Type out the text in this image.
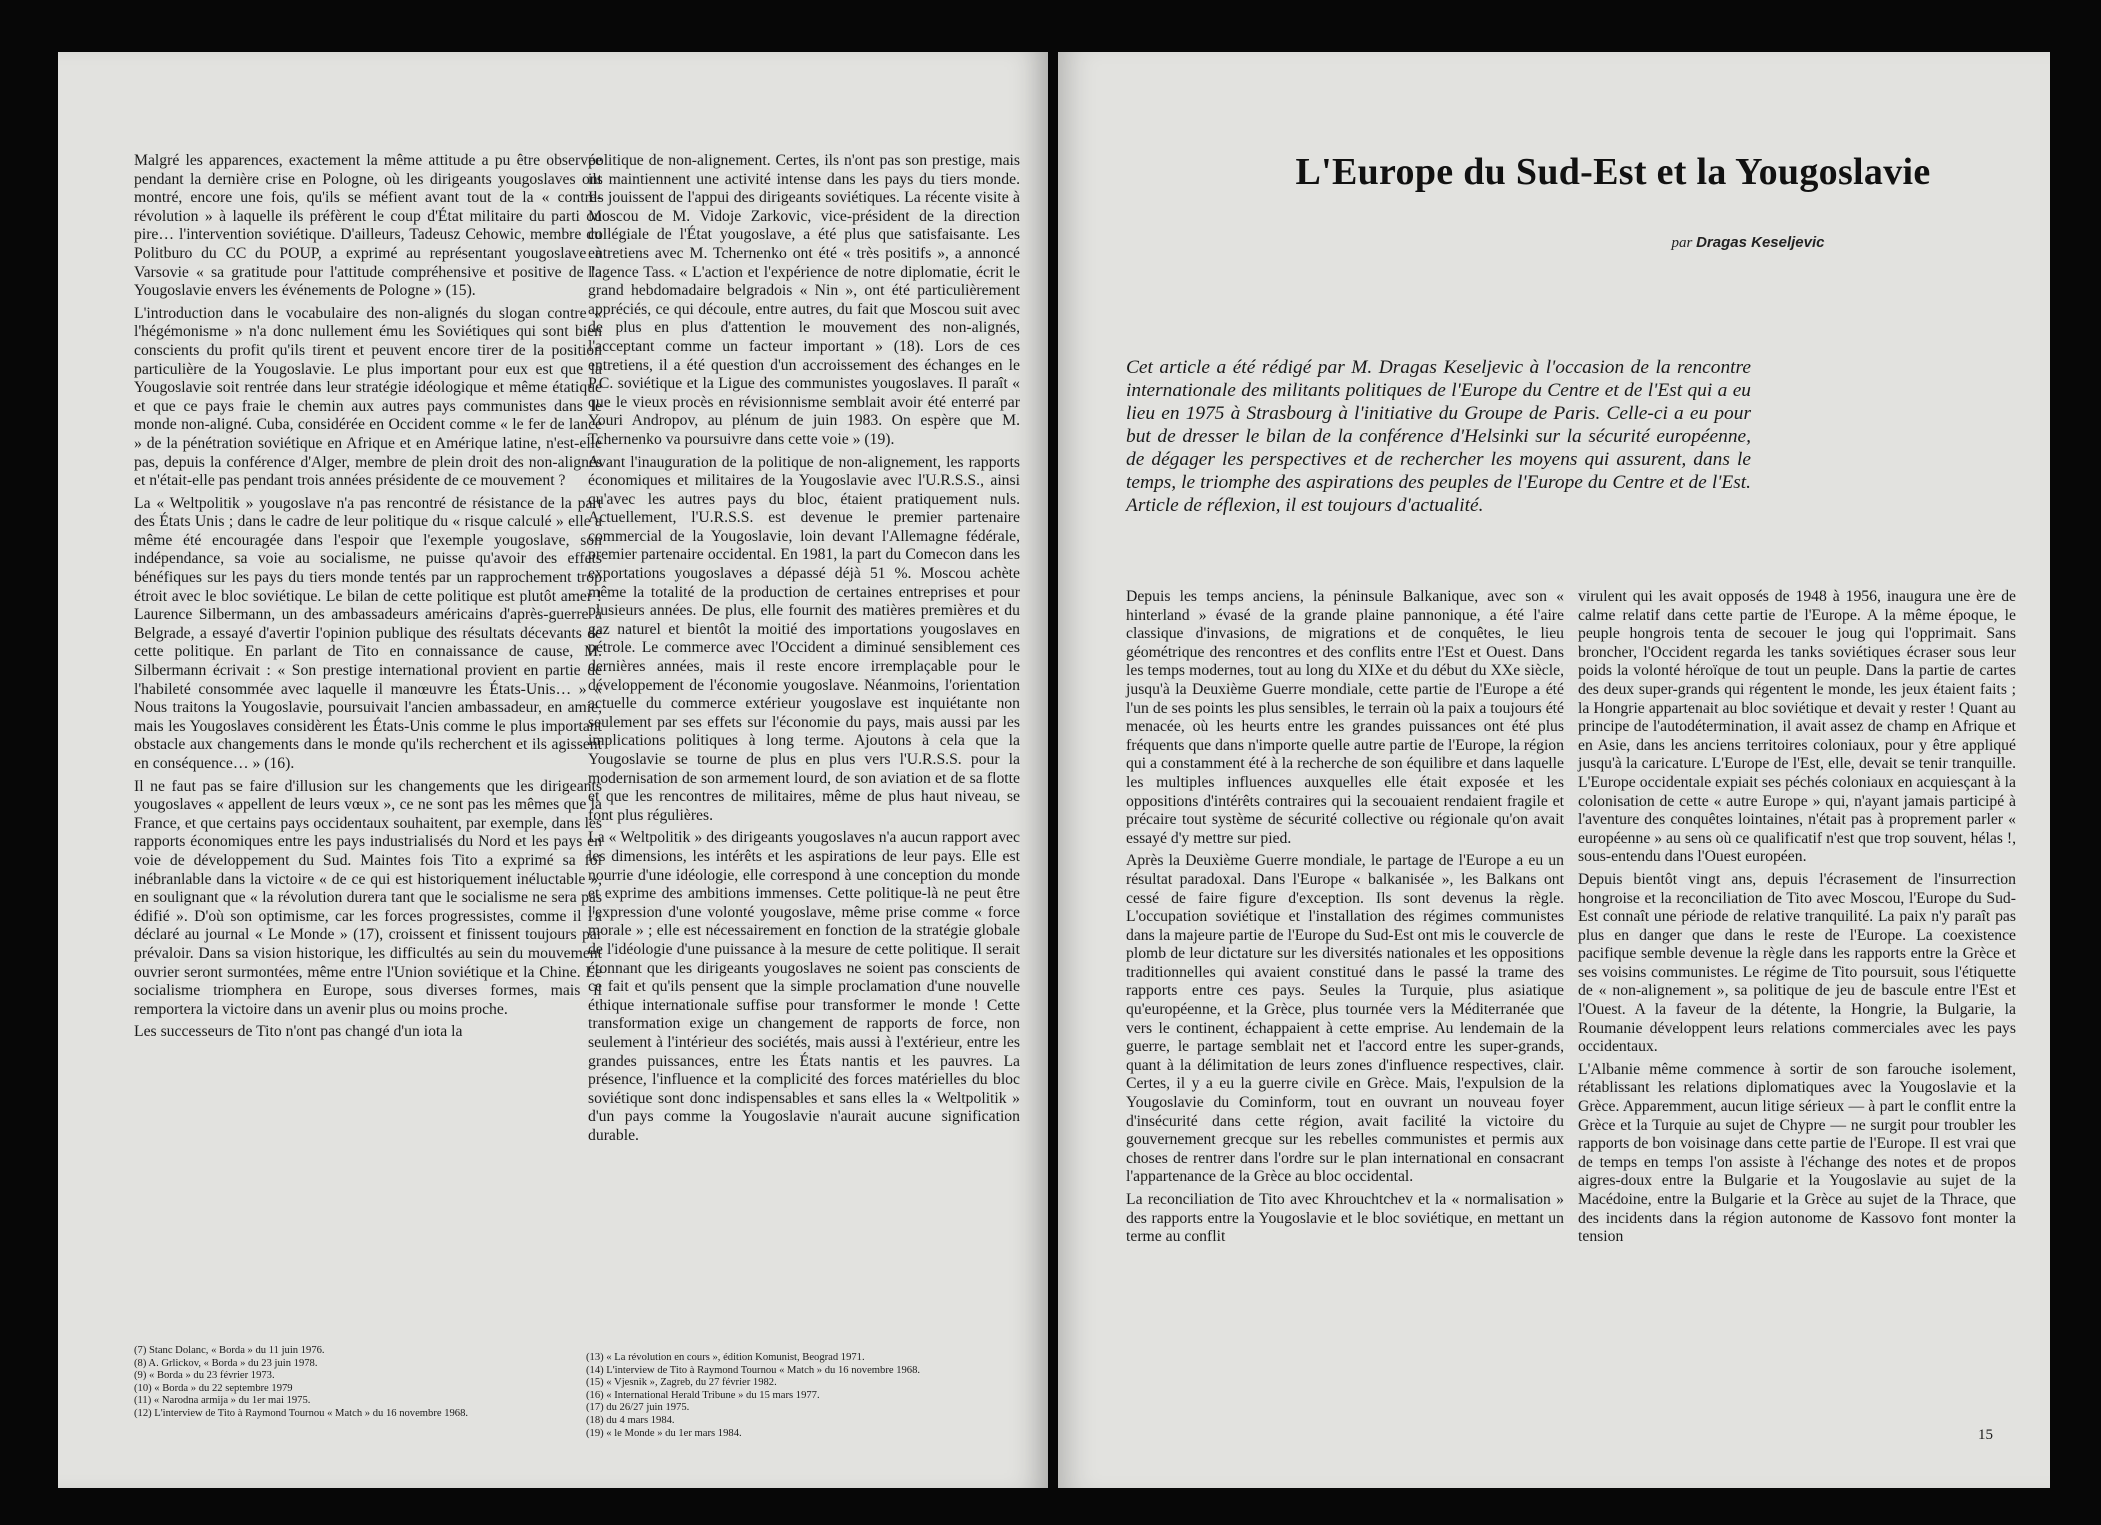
Malgré les apparences, exactement la même attitude a pu être observée pendant la dernière crise en Pologne, où les dirigeants yougoslaves ont montré, encore une fois, qu'ils se méfient avant tout de la « contre-révolution » à laquelle ils préfèrent le coup d'État militaire du parti ou pire… l'intervention soviétique. D'ailleurs, Tadeusz Cehowic, membre du Politburo du CC du POUP, a exprimé au représentant yougoslave à Varsovie « sa gratitude pour l'attitude compréhensive et positive de la Yougoslavie envers les événements de Pologne » (15).

L'introduction dans le vocabulaire des non-alignés du slogan contre « l'hégémonisme » n'a donc nullement ému les Soviétiques qui sont bien conscients du profit qu'ils tirent et peuvent encore tirer de la position particulière de la Yougoslavie. Le plus important pour eux est que la Yougoslavie soit rentrée dans leur stratégie idéologique et même étatique et que ce pays fraie le chemin aux autres pays communistes dans le monde non-aligné. Cuba, considérée en Occident comme « le fer de lance » de la pénétration soviétique en Afrique et en Amérique latine, n'est-elle pas, depuis la conférence d'Alger, membre de plein droit des non-alignés et n'était-elle pas pendant trois années présidente de ce mouvement ?

La « Weltpolitik » yougoslave n'a pas rencontré de résistance de la part des États Unis ; dans le cadre de leur politique du « risque calculé » elle a même été encouragée dans l'espoir que l'exemple yougoslave, son indépendance, sa voie au socialisme, ne puisse qu'avoir des effets bénéfiques sur les pays du tiers monde tentés par un rapprochement trop étroit avec le bloc soviétique. Le bilan de cette politique est plutôt amer ! Laurence Silbermann, un des ambassadeurs américains d'après-guerre à Belgrade, a essayé d'avertir l'opinion publique des résultats décevants de cette politique. En parlant de Tito en connaissance de cause, M. Silbermann écrivait : « Son prestige international provient en partie de l'habileté consommée avec laquelle il manœuvre les États-Unis… » « Nous traitons la Yougoslavie, poursuivait l'ancien ambassadeur, en amie, mais les Yougoslaves considèrent les États-Unis comme le plus important obstacle aux changements dans le monde qu'ils recherchent et ils agissent en conséquence… » (16).

Il ne faut pas se faire d'illusion sur les changements que les dirigeants yougoslaves « appellent de leurs vœux », ce ne sont pas les mêmes que la France, et que certains pays occidentaux souhaitent, par exemple, dans les rapports économiques entre les pays industrialisés du Nord et les pays en voie de développement du Sud. Maintes fois Tito a exprimé sa foi inébranlable dans la victoire « de ce qui est historiquement inéluctable », en soulignant que « la révolution durera tant que le socialisme ne sera pas édifié ». D'où son optimisme, car les forces progressistes, comme il l'a déclaré au journal « Le Monde » (17), croissent et finissent toujours par prévaloir. Dans sa vision historique, les difficultés au sein du mouvement ouvrier seront surmontées, même entre l'Union soviétique et la Chine. Le socialisme triomphera en Europe, sous diverses formes, mais il remportera la victoire dans un avenir plus ou moins proche.

Les successeurs de Tito n'ont pas changé d'un iota la

politique de non-alignement. Certes, ils n'ont pas son prestige, mais ils maintiennent une activité intense dans les pays du tiers monde. Ils jouissent de l'appui des dirigeants soviétiques. La récente visite à Moscou de M. Vidoje Zarkovic, vice-président de la direction collégiale de l'État yougoslave, a été plus que satisfaisante. Les entretiens avec M. Tchernenko ont été « très positifs », a annoncé l'agence Tass. « L'action et l'expérience de notre diplomatie, écrit le grand hebdomadaire belgradois « Nin », ont été particulièrement appréciés, ce qui découle, entre autres, du fait que Moscou suit avec de plus en plus d'attention le mouvement des non-alignés, l'acceptant comme un facteur important » (18). Lors de ces entretiens, il a été question d'un accroissement des échanges en le P.C. soviétique et la Ligue des communistes yougoslaves. Il paraît « que le vieux procès en révisionnisme semblait avoir été enterré par Youri Andropov, au plénum de juin 1983. On espère que M. Tchernenko va poursuivre dans cette voie » (19).

Avant l'inauguration de la politique de non-alignement, les rapports économiques et militaires de la Yougoslavie avec l'U.R.S.S., ainsi qu'avec les autres pays du bloc, étaient pratiquement nuls. Actuellement, l'U.R.S.S. est devenue le premier partenaire commercial de la Yougoslavie, loin devant l'Allemagne fédérale, premier partenaire occidental. En 1981, la part du Comecon dans les exportations yougoslaves a dépassé déjà 51 %. Moscou achète même la totalité de la production de certaines entreprises et pour plusieurs années. De plus, elle fournit des matières premières et du gaz naturel et bientôt la moitié des importations yougoslaves en pétrole. Le commerce avec l'Occident a diminué sensiblement ces dernières années, mais il reste encore irremplaçable pour le développement de l'économie yougoslave. Néanmoins, l'orientation actuelle du commerce extérieur yougoslave est inquiétante non seulement par ses effets sur l'économie du pays, mais aussi par les implications politiques à long terme. Ajoutons à cela que la Yougoslavie se tourne de plus en plus vers l'U.R.S.S. pour la modernisation de son armement lourd, de son aviation et de sa flotte et que les rencontres de militaires, même de plus haut niveau, se font plus régulières.

La « Weltpolitik » des dirigeants yougoslaves n'a aucun rapport avec les dimensions, les intérêts et les aspirations de leur pays. Elle est nourrie d'une idéologie, elle correspond à une conception du monde et exprime des ambitions immenses. Cette politique-là ne peut être l'expression d'une volonté yougoslave, même prise comme « force morale » ; elle est nécessairement en fonction de la stratégie globale de l'idéologie d'une puissance à la mesure de cette politique. Il serait étonnant que les dirigeants yougoslaves ne soient pas conscients de ce fait et qu'ils pensent que la simple proclamation d'une nouvelle éthique internationale suffise pour transformer le monde ! Cette transformation exige un changement de rapports de force, non seulement à l'intérieur des sociétés, mais aussi à l'extérieur, entre les grandes puissances, entre les États nantis et les pauvres. La présence, l'influence et la complicité des forces matérielles du bloc soviétique sont donc indispensables et sans elles la « Weltpolitik » d'un pays comme la Yougoslavie n'aurait aucune signification durable.

(7) Stanc Dolanc, « Borda » du 11 juin 1976.
(8) A. Grlickov, « Borda » du 23 juin 1978.
(9) « Borda » du 23 février 1973.
(10) « Borda » du 22 septembre 1979
(11) « Narodna armija » du 1er mai 1975.
(12) L'interview de Tito à Raymond Tournou « Match » du 16 novembre 1968.
(13) « La révolution en cours », édition Komunist, Beograd 1971.
(14) L'interview de Tito à Raymond Tournou « Match » du 16 novembre 1968.
(15) « Vjesnik », Zagreb, du 27 février 1982.
(16) « International Herald Tribune » du 15 mars 1977.
(17) du 26/27 juin 1975.
(18) du 4 mars 1984.
(19) « le Monde » du 1er mars 1984.
L'Europe du Sud-Est et la Yougoslavie
par Dragas Keseljevic
Cet article a été rédigé par M. Dragas Keseljevic à l'occasion de la rencontre internationale des militants politiques de l'Europe du Centre et de l'Est qui a eu lieu en 1975 à Strasbourg à l'initiative du Groupe de Paris. Celle-ci a eu pour but de dresser le bilan de la conférence d'Helsinki sur la sécurité européenne, de dégager les perspectives et de rechercher les moyens qui assurent, dans le temps, le triomphe des aspirations des peuples de l'Europe du Centre et de l'Est. Article de réflexion, il est toujours d'actualité.

Depuis les temps anciens, la péninsule Balkanique, avec son « hinterland » évasé de la grande plaine pannonique, a été l'aire classique d'invasions, de migrations et de conquêtes, le lieu géométrique des rencontres et des conflits entre l'Est et Ouest. Dans les temps modernes, tout au long du XIXe et du début du XXe siècle, jusqu'à la Deuxième Guerre mondiale, cette partie de l'Europe a été l'un de ses points les plus sensibles, le terrain où la paix a toujours été menacée, où les heurts entre les grandes puissances ont été plus fréquents que dans n'importe quelle autre partie de l'Europe, la région qui a constamment été à la recherche de son équilibre et dans laquelle les multiples influences auxquelles elle était exposée et les oppositions d'intérêts contraires qui la secouaient rendaient fragile et précaire tout système de sécurité collective ou régionale qu'on avait essayé d'y mettre sur pied.

Après la Deuxième Guerre mondiale, le partage de l'Europe a eu un résultat paradoxal. Dans l'Europe « balkanisée », les Balkans ont cessé de faire figure d'exception. Ils sont devenus la règle. L'occupation soviétique et l'installation des régimes communistes dans la majeure partie de l'Europe du Sud-Est ont mis le couvercle de plomb de leur dictature sur les diversités nationales et les oppositions traditionnelles qui avaient constitué dans le passé la trame des rapports entre ces pays. Seules la Turquie, plus asiatique qu'européenne, et la Grèce, plus tournée vers la Méditerranée que vers le continent, échappaient à cette emprise. Au lendemain de la guerre, le partage semblait net et l'accord entre les super-grands, quant à la délimitation de leurs zones d'influence respectives, clair. Certes, il y a eu la guerre civile en Grèce. Mais, l'expulsion de la Yougoslavie du Cominform, tout en ouvrant un nouveau foyer d'insécurité dans cette région, avait facilité la victoire du gouvernement grecque sur les rebelles communistes et permis aux choses de rentrer dans l'ordre sur le plan international en consacrant l'appartenance de la Grèce au bloc occidental.

La reconciliation de Tito avec Khrouchtchev et la « normalisation » des rapports entre la Yougoslavie et le bloc soviétique, en mettant un terme au conflit

virulent qui les avait opposés de 1948 à 1956, inaugura une ère de calme relatif dans cette partie de l'Europe. A la même époque, le peuple hongrois tenta de secouer le joug qui l'opprimait. Sans broncher, l'Occident regarda les tanks soviétiques écraser sous leur poids la volonté héroïque de tout un peuple. Dans la partie de cartes des deux super-grands qui régentent le monde, les jeux étaient faits ; la Hongrie appartenait au bloc soviétique et devait y rester ! Quant au principe de l'autodétermination, il avait assez de champ en Afrique et en Asie, dans les anciens territoires coloniaux, pour y être appliqué jusqu'à la caricature. L'Europe de l'Est, elle, devait se tenir tranquille. L'Europe occidentale expiait ses péchés coloniaux en acquiesçant à la colonisation de cette « autre Europe » qui, n'ayant jamais participé à l'aventure des conquêtes lointaines, n'était pas à proprement parler « européenne » au sens où ce qualificatif n'est que trop souvent, hélas !, sous-entendu dans l'Ouest européen.

Depuis bientôt vingt ans, depuis l'écrasement de l'insurrection hongroise et la reconciliation de Tito avec Moscou, l'Europe du Sud-Est connaît une période de relative tranquilité. La paix n'y paraît pas plus en danger que dans le reste de l'Europe. La coexistence pacifique semble devenue la règle dans les rapports entre la Grèce et ses voisins communistes. Le régime de Tito poursuit, sous l'étiquette de « non-alignement », sa politique de jeu de bascule entre l'Est et l'Ouest. A la faveur de la détente, la Hongrie, la Bulgarie, la Roumanie développent leurs relations commerciales avec les pays occidentaux.

L'Albanie même commence à sortir de son farouche isolement, rétablissant les relations diplomatiques avec la Yougoslavie et la Grèce. Apparemment, aucun litige sérieux — à part le conflit entre la Grèce et la Turquie au sujet de Chypre — ne surgit pour troubler les rapports de bon voisinage dans cette partie de l'Europe. Il est vrai que de temps en temps l'on assiste à l'échange des notes et de propos aigres-doux entre la Bulgarie et la Yougoslavie au sujet de la Macédoine, entre la Bulgarie et la Grèce au sujet de la Thrace, que des incidents dans la région autonome de Kassovo font monter la tension

15
